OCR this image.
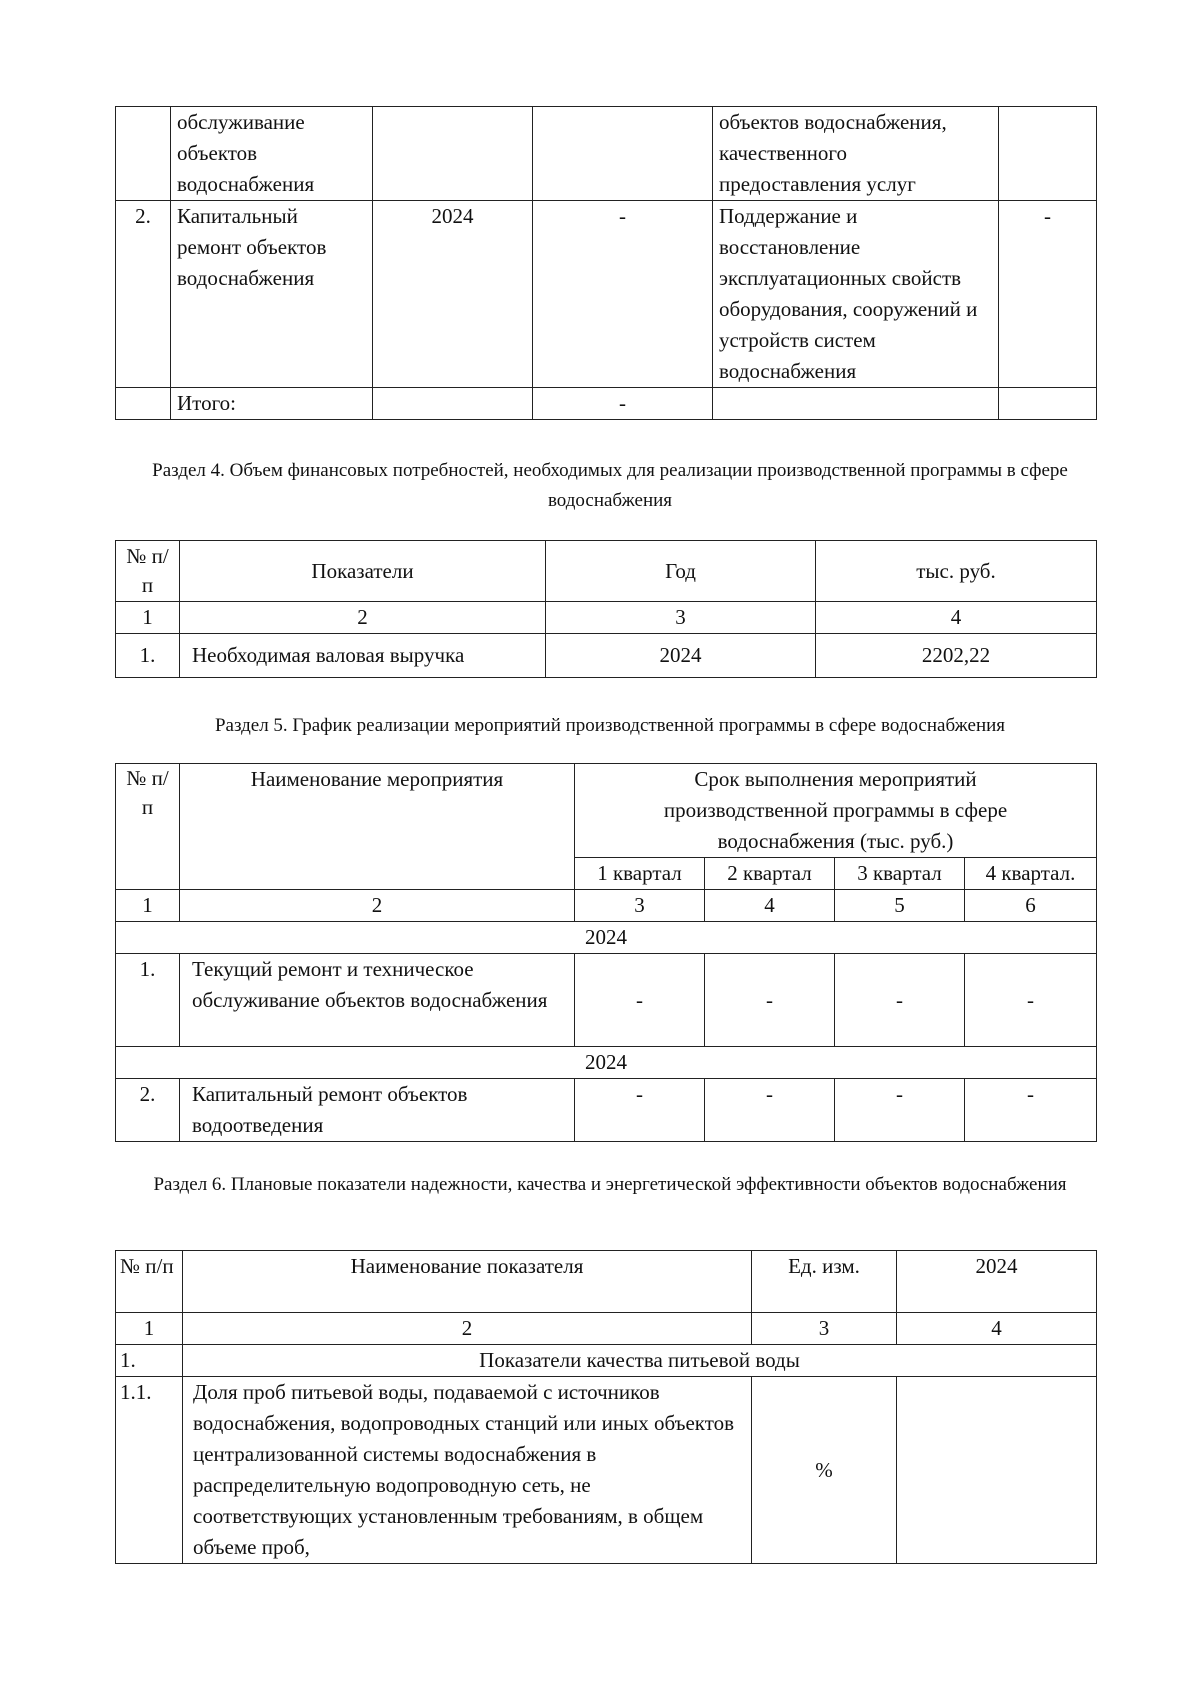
	обслуживание объектов водоснабжения			объектов водоснабжения, качественного предоставления услуг	
2.	Капитальный ремонт объектов водоснабжения	2024	-	Поддержание и восстановление эксплуатационных свойств оборудования, сооружений и устройств систем водоснабжения	-
	Итого:		-		
Раздел 4. Объем финансовых потребностей, необходимых для реализации производственной программы в сфере водоснабжения
№ п/п	Показатели	Год	тыс. руб.
1	2	3	4
1.	Необходимая валовая выручка	2024	2202,22
Раздел 5. График реализации мероприятий производственной программы в сфере водоснабжения
№ п/п	Наименование мероприятия	Срок выполнения мероприятий производственной программы в сфере водоснабжения (тыс. руб.)			
		1 квартал	2 квартал	3 квартал	4 квартал.
1	2	3	4	5	6
2024					
1.	Текущий ремонт и техническое обслуживание объектов водоснабжения	-	-	-	-
2024					
2.	Капитальный ремонт объектов водоотведения	-	-	-	-
Раздел 6. Плановые показатели надежности, качества и энергетической эффективности объектов водоснабжения
№ п/п	Наименование показателя	Ед. изм.	2024
1	2	3	4
1.	Показатели качества питьевой воды		
1.1.	Доля проб питьевой воды, подаваемой с источников водоснабжения, водопроводных станций или иных объектов централизованной системы водоснабжения в распределительную водопроводную сеть, не соответствующих установленным требованиям, в общем объеме проб,	%	
